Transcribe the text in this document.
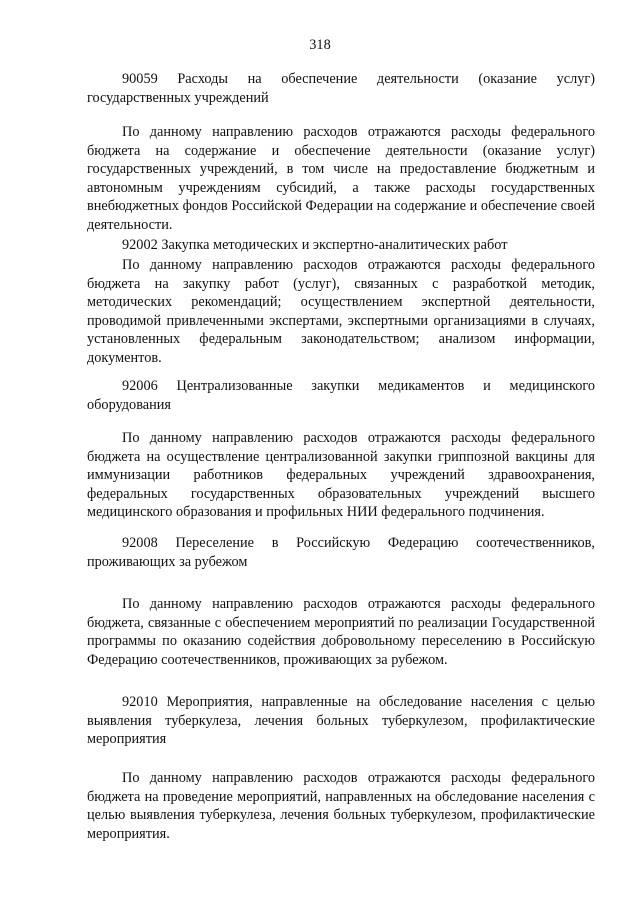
318
90059 Расходы на обеспечение деятельности (оказание услуг) государственных учреждений
По данному направлению расходов отражаются расходы федерального бюджета на содержание и обеспечение деятельности (оказание услуг) государственных учреждений, в том числе на предоставление бюджетным и автономным учреждениям субсидий, а также расходы государственных внебюджетных фондов Российской Федерации на содержание и обеспечение своей деятельности.
92002 Закупка методических и экспертно-аналитических работ
По данному направлению расходов отражаются расходы федерального бюджета на закупку работ (услуг), связанных с разработкой методик, методических рекомендаций; осуществлением экспертной деятельности, проводимой привлеченными экспертами, экспертными организациями в случаях, установленных федеральным законодательством; анализом информации, документов.
92006 Централизованные закупки медикаментов и медицинского оборудования
По данному направлению расходов отражаются расходы федерального бюджета на осуществление централизованной закупки гриппозной вакцины для иммунизации работников федеральных учреждений здравоохранения, федеральных государственных образовательных учреждений высшего медицинского образования и профильных НИИ федерального подчинения.
92008 Переселение в Российскую Федерацию соотечественников, проживающих за рубежом
По данному направлению расходов отражаются расходы федерального бюджета, связанные с обеспечением мероприятий по реализации Государственной программы по оказанию содействия добровольному переселению в Российскую Федерацию соотечественников, проживающих за рубежом.
92010 Мероприятия, направленные на обследование населения с целью выявления туберкулеза, лечения больных туберкулезом, профилактические мероприятия
По данному направлению расходов отражаются расходы федерального бюджета на проведение мероприятий, направленных на обследование населения с целью выявления туберкулеза, лечения больных туберкулезом, профилактические мероприятия.
